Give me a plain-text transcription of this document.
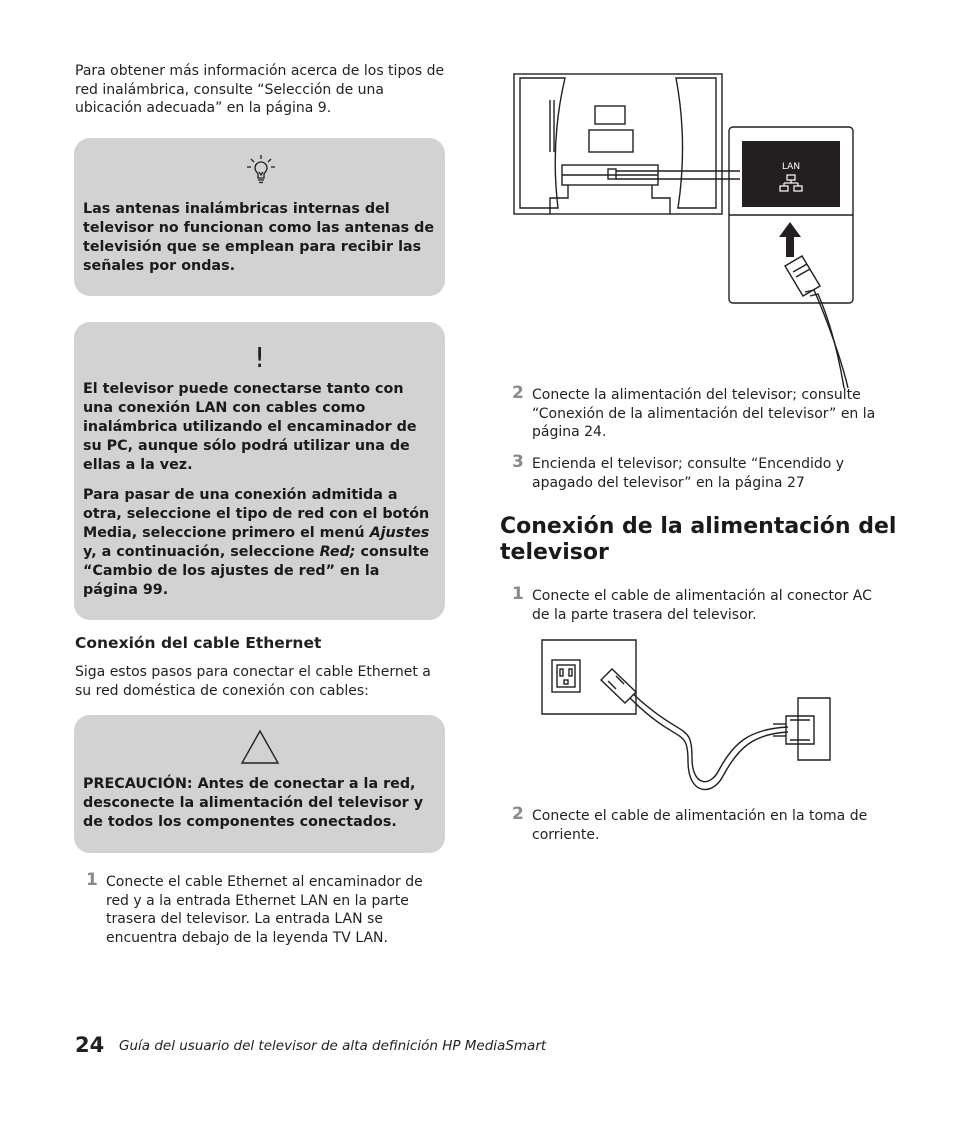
Para obtener más información acerca de los tipos de red inalámbrica, consulte “Selección de una ubicación adecuada” en la página 9.

Las antenas inalámbricas internas del televisor no funcionan como las antenas de televisión que se emplean para recibir las señales por ondas.

!

El televisor puede conectarse tanto con una conexión LAN con cables como inalámbrica utilizando el encaminador de su PC, aunque sólo podrá utilizar una de ellas a la vez.

Para pasar de una conexión admitida a otra, seleccione el tipo de red con el botón Media, seleccione primero el menú Ajustes y, a continuación, seleccione Red; consulte “Cambio de los ajustes de red” en la página 99.

Conexión del cable Ethernet

Siga estos pasos para conectar el cable Ethernet a su red doméstica de conexión con cables:

PRECAUCIÓN: Antes de conectar a la red, desconecte la alimentación del televisor y de todos los componentes conectados.

1 Conecte el cable Ethernet al encaminador de red y a la entrada Ethernet LAN en la parte trasera del televisor. La entrada LAN se encuentra debajo de la leyenda TV LAN.

LAN
2 Conecte la alimentación del televisor; consulte “Conexión de la alimentación del televisor” en la página 24.

3 Encienda el televisor; consulte “Encendido y apagado del televisor” en la página 27

Conexión de la alimentación del televisor
1 Conecte el cable de alimentación al conector AC de la parte trasera del televisor.

2 Conecte el cable de alimentación en la toma de corriente.

24 Guía del usuario del televisor de alta definición HP MediaSmart
